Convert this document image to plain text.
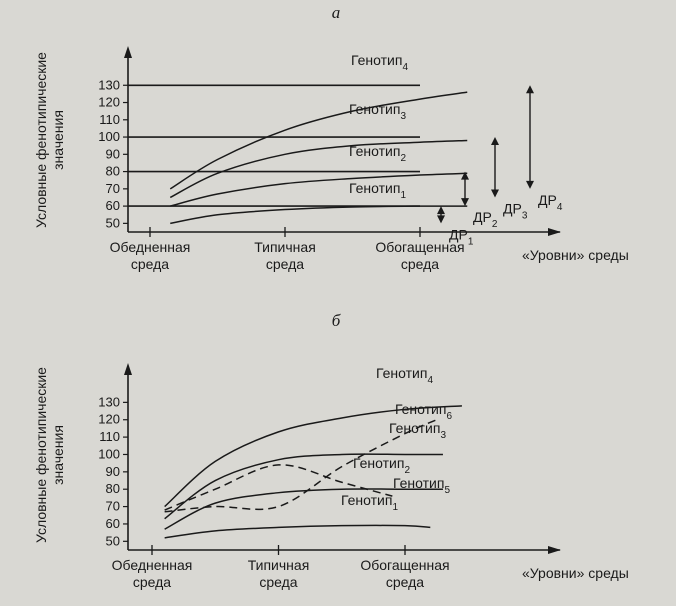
а
50
60
70
80
90
100
110
120
130
Условные фенотипическиезначения
Обедненная
среда
Типичная
среда
Обогащенная
среда
«Уровни» среды
Генотип$_1$
Генотип$_2$
Генотип$_3$
Генотип$_4$
$ДР_1$
$ДР_2$
$ДР_3$
$ДР_4$
б
50
60
70
80
90
100
110
120
130
Условные фенотипическиезначения
Обедненная
среда
Типичная
среда
Обогащенная
среда
«Уровни» среды
Генотип$_1$
Генотип$_2$
Генотип$_3$
Генотип$_4$
Генотип$_5$
Генотип$_6$
